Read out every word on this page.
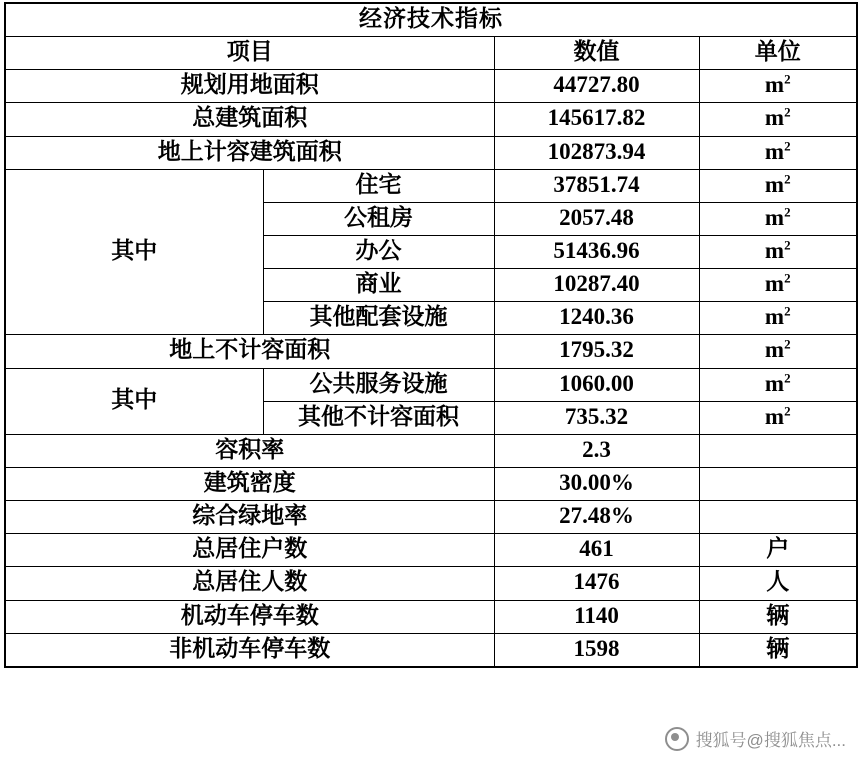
经济技术指标			
项目		数值	单位
规划用地面积		44727.80	$m^2$
总建筑面积		145617.82	$m^2$
地上计容建筑面积		102873.94	$m^2$
其中	住宅	37851.74	$m^2$
	公租房	2057.48	$m^2$
	办公	51436.96	$m^2$
	商业	10287.40	$m^2$
	其他配套设施	1240.36	$m^2$
地上不计容面积		1795.32	$m^2$
其中	公共服务设施	1060.00	$m^2$
	其他不计容面积	735.32	$m^2$
容积率		2.3	
建筑密度		30.00%	
综合绿地率		27.48%	
总居住户数		461	户
总居住人数		1476	人
机动车停车数		1140	辆
非机动车停车数		1598	辆
搜狐号@搜狐焦点...
